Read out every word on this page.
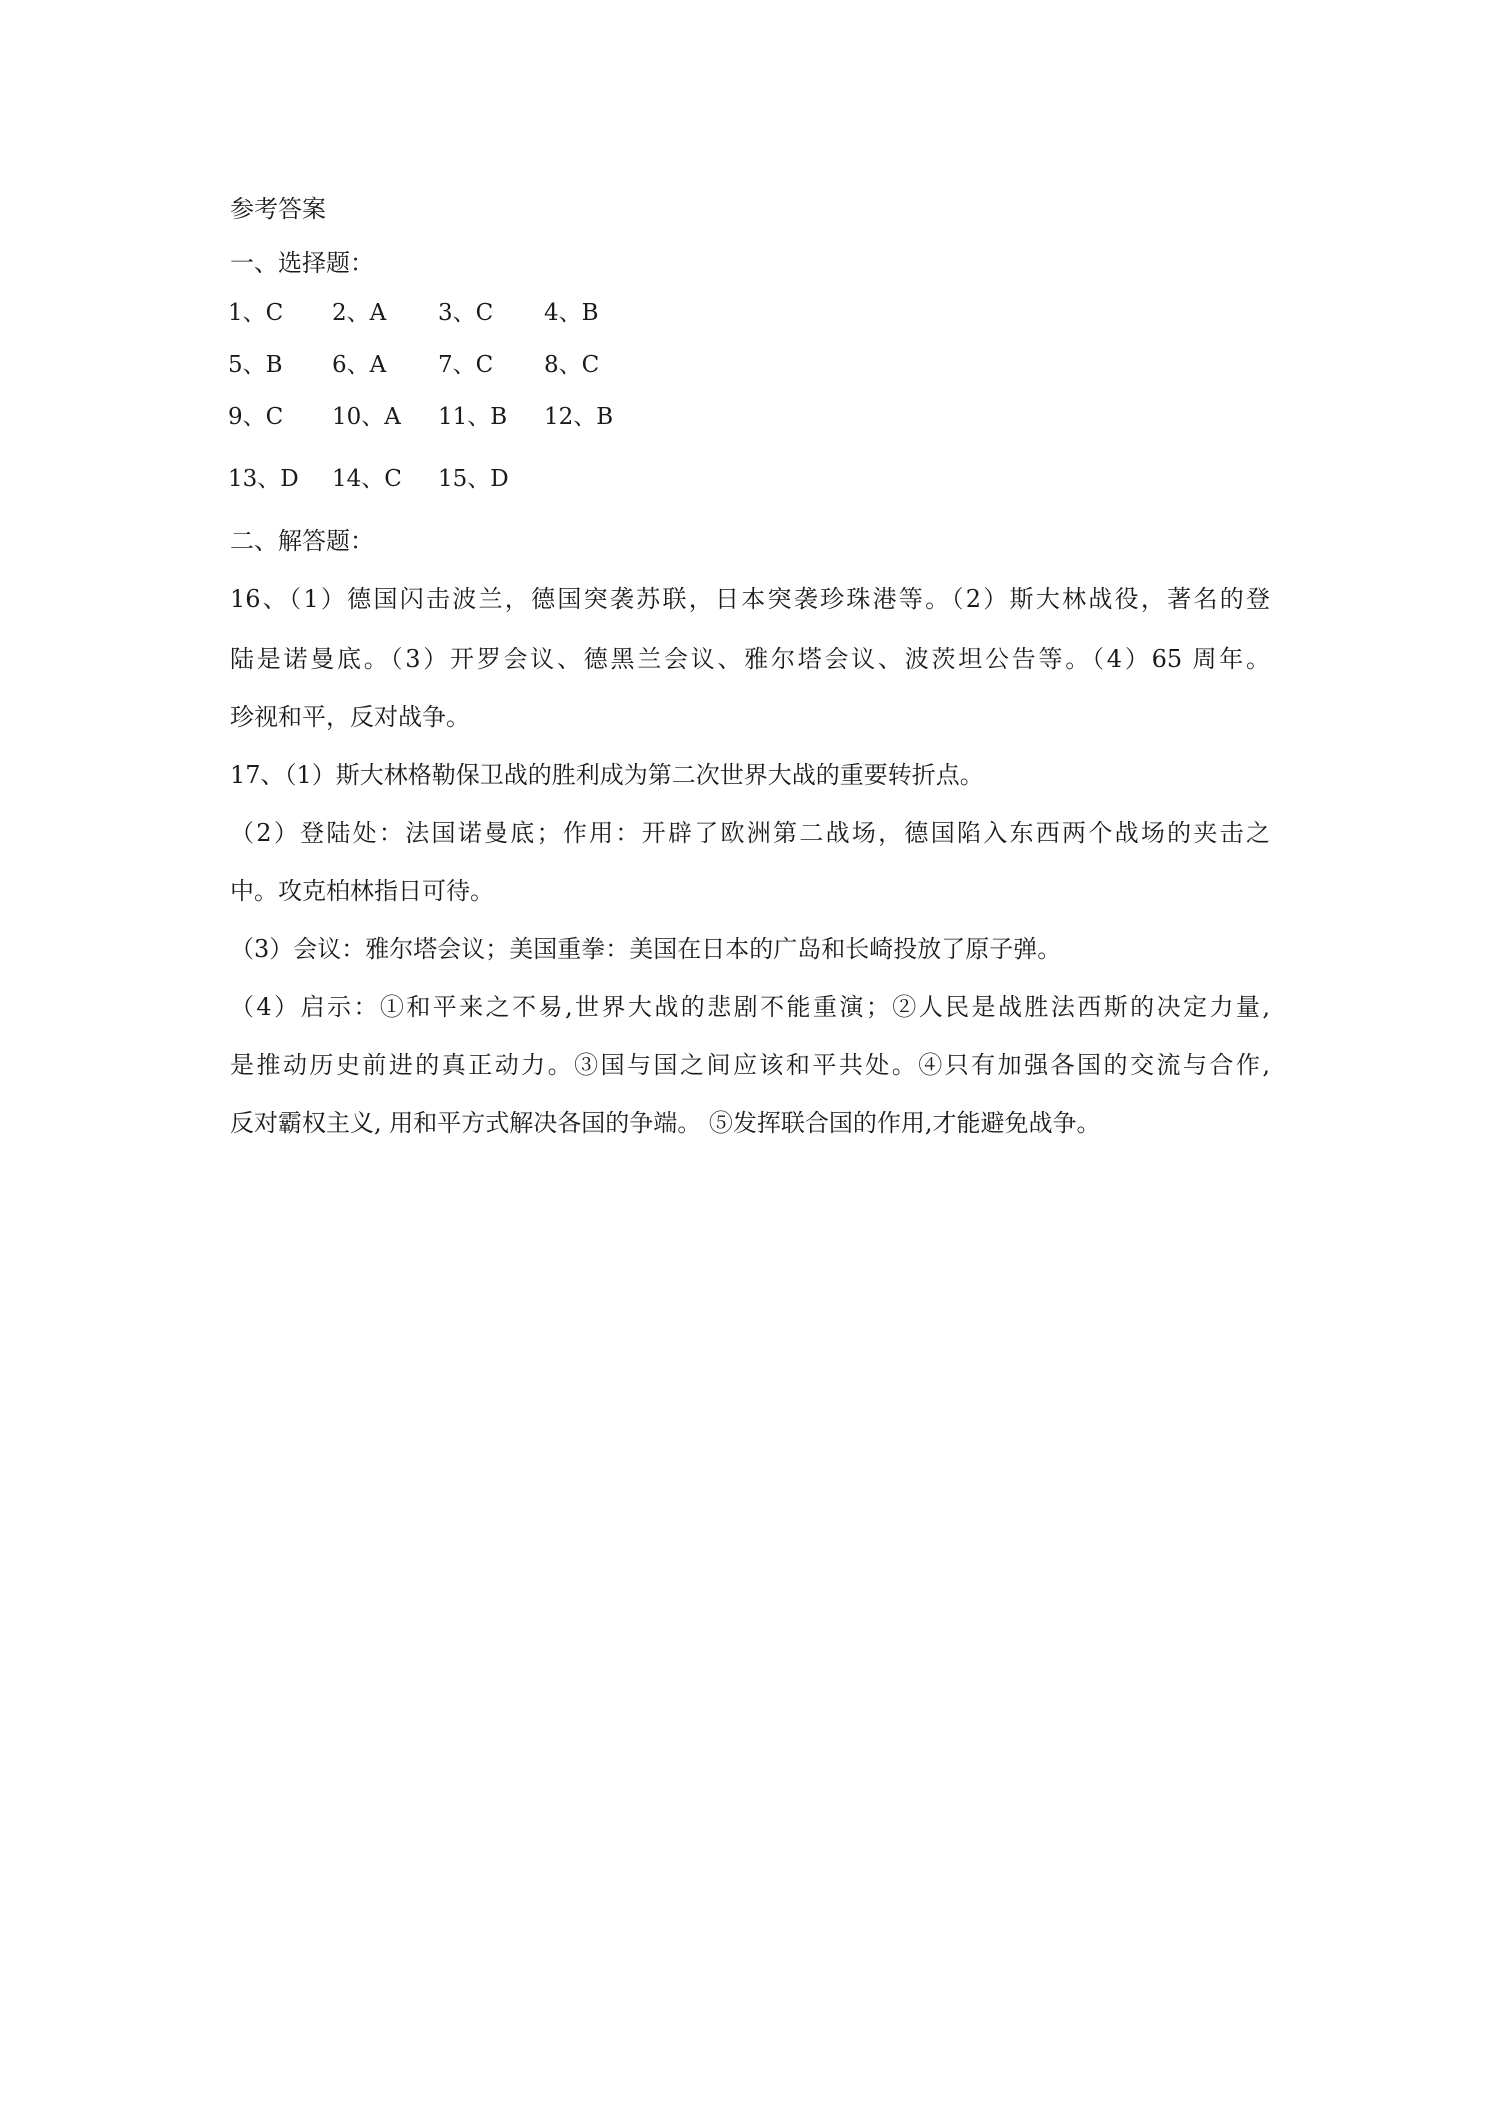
参考答案
一、选择题：
1、C 2、A 3、C 4、B
5、B 6、A 7、C 8、C
9、C 10、A 11、B 12、B
13、D 14、C 15、D
二、解答题：
16、（1）德国闪击波兰，德国突袭苏联，日本突袭珍珠港等。（2）斯大林战役，著名的登
陆是诺曼底。（3）开罗会议、德黑兰会议、雅尔塔会议、波茨坦公告等。（4）65 周年。
珍视和平，反对战争。
17、（1）斯大林格勒保卫战的胜利成为第二次世界大战的重要转折点。
（2）登陆处：法国诺曼底；作用：开辟了欧洲第二战场，德国陷入东西两个战场的夹击之
中。攻克柏林指日可待。
（3）会议：雅尔塔会议；美国重拳：美国在日本的广岛和长崎投放了原子弹。
（4）启示：①和平来之不易,世界大战的悲剧不能重演；②人民是战胜法西斯的决定力量,
是推动历史前进的真正动力。③国与国之间应该和平共处。④只有加强各国的交流与合作,
反对霸权主义, 用和平方式解决各国的争端。 ⑤发挥联合国的作用,才能避免战争。
